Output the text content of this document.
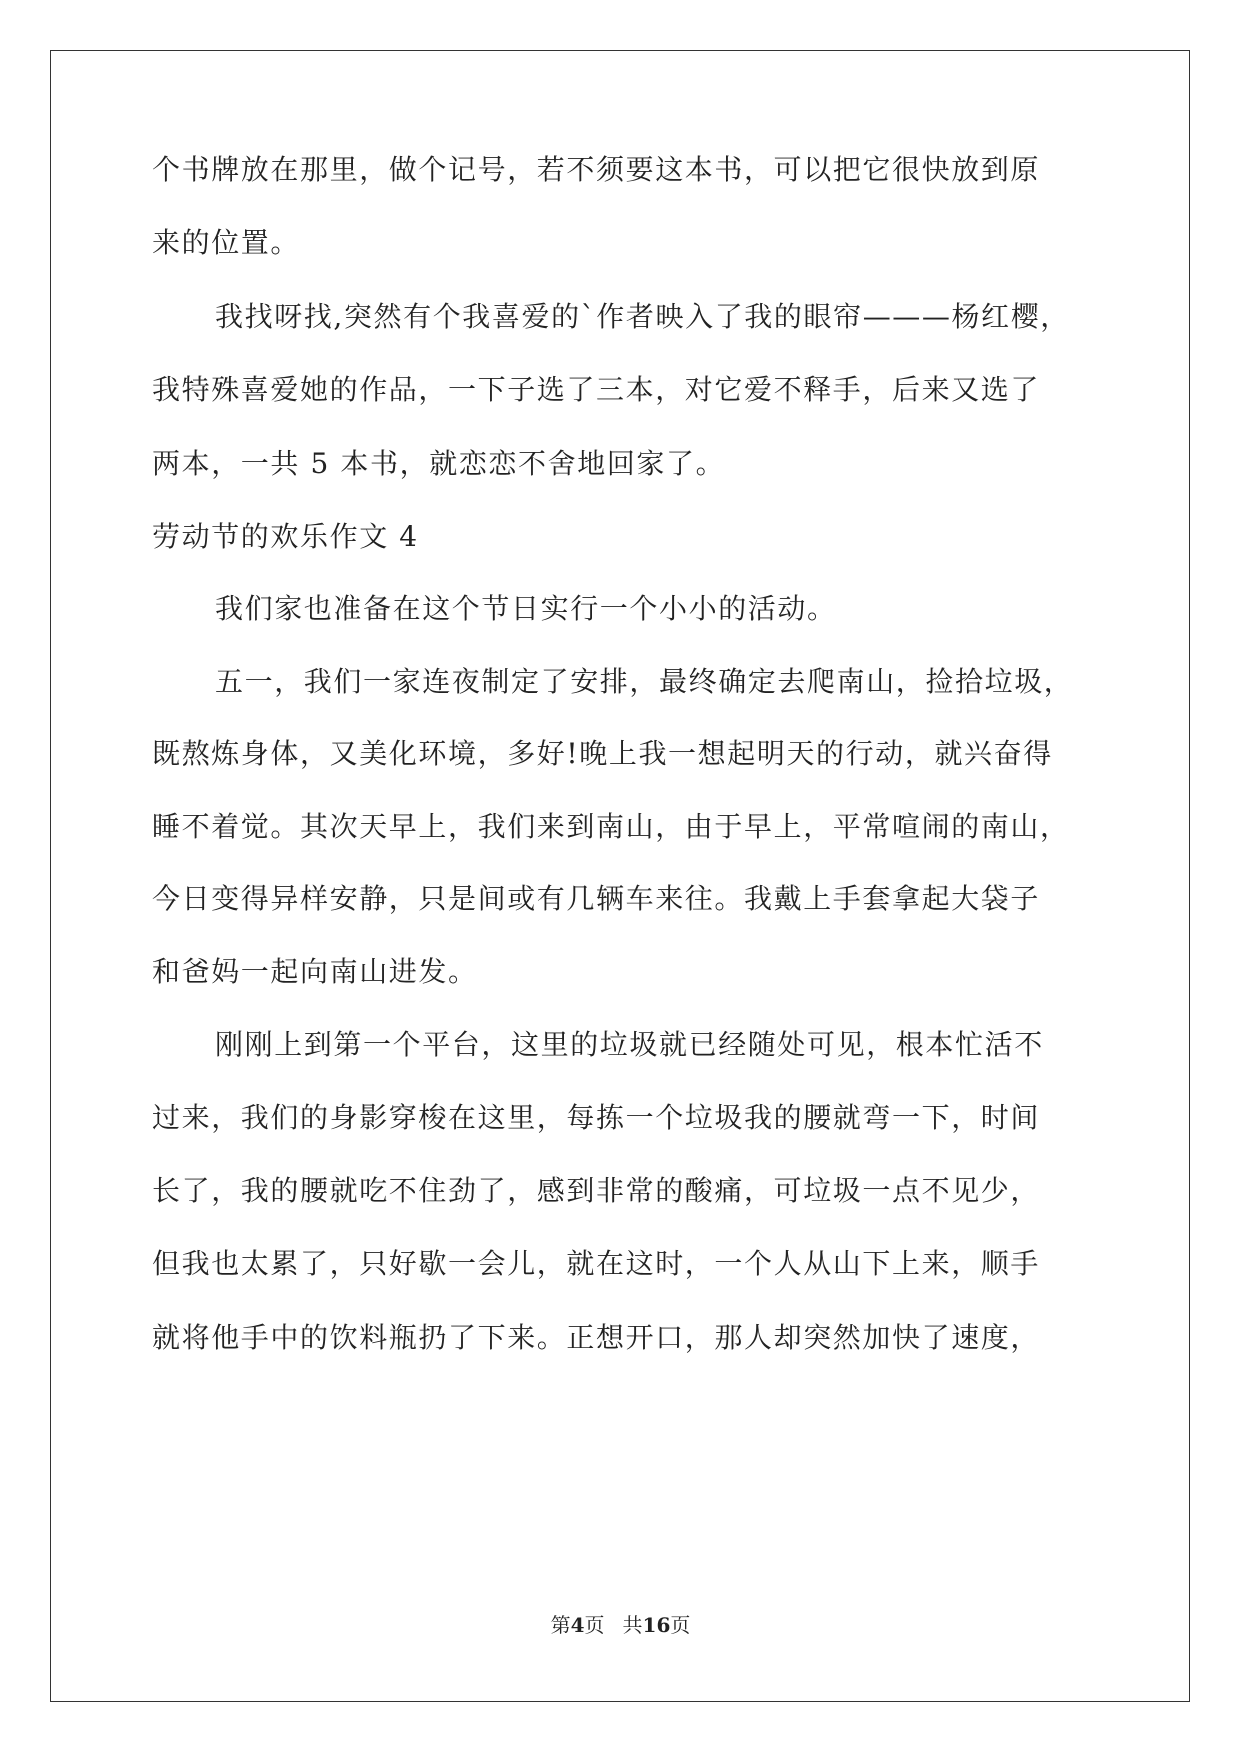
个书牌放在那里，做个记号，若不须要这本书，可以把它很快放到原
来的位置。
我找呀找,突然有个我喜爱的`作者映入了我的眼帘———杨红樱，
我特殊喜爱她的作品，一下子选了三本，对它爱不释手，后来又选了
两本，一共 5 本书，就恋恋不舍地回家了。
劳动节的欢乐作文 4
我们家也准备在这个节日实行一个小小的活动。
五一，我们一家连夜制定了安排，最终确定去爬南山，捡拾垃圾，
既熬炼身体，又美化环境，多好!晚上我一想起明天的行动，就兴奋得
睡不着觉。其次天早上，我们来到南山，由于早上，平常喧闹的南山，
今日变得异样安静，只是间或有几辆车来往。我戴上手套拿起大袋子
和爸妈一起向南山进发。
刚刚上到第一个平台，这里的垃圾就已经随处可见，根本忙活不
过来，我们的身影穿梭在这里，每拣一个垃圾我的腰就弯一下，时间
长了，我的腰就吃不住劲了，感到非常的酸痛，可垃圾一点不见少，
但我也太累了，只好歇一会儿，就在这时，一个人从山下上来，顺手
就将他手中的饮料瓶扔了下来。正想开口，那人却突然加快了速度，
第4页 共16页
